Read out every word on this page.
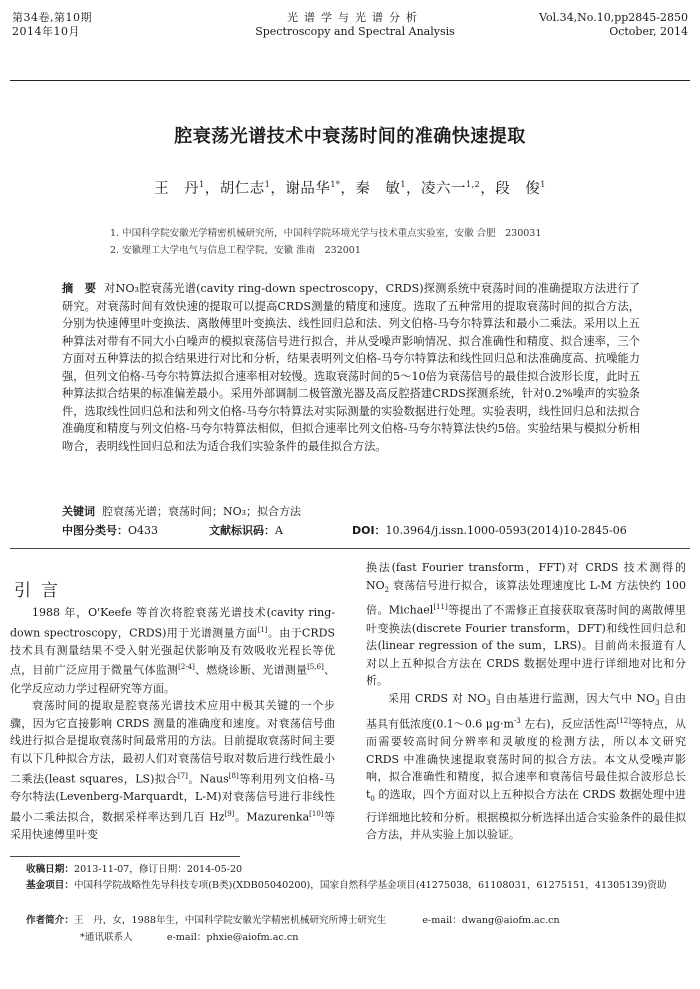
第34卷,第10期
2014年10月
光谱学与光谱分析
Spectroscopy and Spectral Analysis
Vol.34,No.10,pp2845-2850
October, 2014
腔衰荡光谱技术中衰荡时间的准确快速提取
王　丹$^1$，胡仁志$^1$，谢品华$^{1*}$，秦　敏$^1$，凌六一$^{1,2}$，段　俊$^1$
1. 中国科学院安徽光学精密机械研究所，中国科学院环境光学与技术重点实验室，安徽 合肥　230031
2. 安徽理工大学电气与信息工程学院，安徽 淮南　232001
摘　要 对NO₃腔衰荡光谱(cavity ring-down spectroscopy，CRDS)探测系统中衰荡时间的准确提取方法进行了研究。对衰荡时间有效快速的提取可以提高CRDS测量的精度和速度。选取了五种常用的提取衰荡时间的拟合方法，分别为快速傅里叶变换法、离散傅里叶变换法、线性回归总和法、列文伯格-马夸尔特算法和最小二乘法。采用以上五种算法对带有不同大小白噪声的模拟衰荡信号进行拟合，并从受噪声影响情况、拟合准确性和精度、拟合速率，三个方面对五种算法的拟合结果进行对比和分析，结果表明列文伯格-马夸尔特算法和线性回归总和法准确度高、抗噪能力强，但列文伯格-马夸尔特算法拟合速率相对较慢。选取衰荡时间的5～10倍为衰荡信号的最佳拟合波形长度，此时五种算法拟合结果的标准偏差最小。采用外部调制二极管激光器及高反腔搭建CRDS探测系统，针对0.2%噪声的实验条件，选取线性回归总和法和列文伯格-马夸尔特算法对实际测量的实验数据进行处理。实验表明，线性回归总和法拟合准确度和精度与列文伯格-马夸尔特算法相似，但拟合速率比列文伯格-马夸尔特算法快约5倍。实验结果与模拟分析相吻合，表明线性回归总和法为适合我们实验条件的最佳拟合方法。
关键词 腔衰荡光谱；衰荡时间；NO₃；拟合方法
中图分类号：O433	文献标识码：A	DOI：10.3964/j.issn.1000-0593(2014)10-2845-06
引言

1988 年，O'Keefe 等首次将腔衰荡光谱技术(cavity ring-down spectroscopy，CRDS)用于光谱测量方面[1]。由于CRDS 技术具有测量结果不受入射光强起伏影响及有效吸收光程长等优点，目前广泛应用于微量气体监测[2-4]、燃烧诊断、光谱测量[5,6]、化学反应动力学过程研究等方面。

衰荡时间的提取是腔衰荡光谱技术应用中极其关键的一个步骤，因为它直接影响 CRDS 测量的准确度和速度。对衰荡信号曲线进行拟合是提取衰荡时间最常用的方法。目前提取衰荡时间主要有以下几种拟合方法，最初人们对衰荡信号取对数后进行线性最小二乘法(least squares，LS)拟合[7]。Naus[8]等利用列文伯格-马夸尔特法(Levenberg-Marquardt，L-M)对衰荡信号进行非线性最小二乘法拟合，数据采样率达到几百 Hz[9]。Mazurenka[10]等采用快速傅里叶变

换法(fast Fourier transform，FFT)对 CRDS 技术测得的 $NO_2$ 衰荡信号进行拟合，该算法处理速度比 L-M 方法快约 100 倍。Michael[11]等提出了不需修正直接获取衰荡时间的离散傅里叶变换法(discrete Fourier transform，DFT)和线性回归总和法(linear regression of the sum，LRS)。目前尚未报道有人对以上五种拟合方法在 CRDS 数据处理中进行详细地对比和分析。

采用 CRDS 对 $NO_3$ 自由基进行监测，因大气中 $NO_3$ 自由基具有低浓度(0.1～0.6 $\mu g\cdot m^{-3}$ 左右)，反应活性高[12]等特点，从而需要较高时间分辨率和灵敏度的检测方法，所以本文研究 CRDS 中准确快速提取衰荡时间的拟合方法。本文从受噪声影响，拟合准确性和精度，拟合速率和衰荡信号最佳拟合波形总长 $t_0$ 的选取，四个方面对以上五种拟合方法在 CRDS 数据处理中进行详细地比较和分析。根据模拟分析选择出适合实验条件的最佳拟合方法，并从实验上加以验证。

收稿日期：2013-11-07，修订日期：2014-05-20
基金项目：中国科学院战略性先导科技专项(B类)(XDB05040200)，国家自然科学基金项目(41275038，61108031，61275151，41305139)资助
作者简介：王　丹，女，1988年生，中国科学院安徽光学精密机械研究所博士研究生	e-mail：dwang@aiofm.ac.cn
*通讯联系人	e-mail：phxie@aiofm.ac.cn
